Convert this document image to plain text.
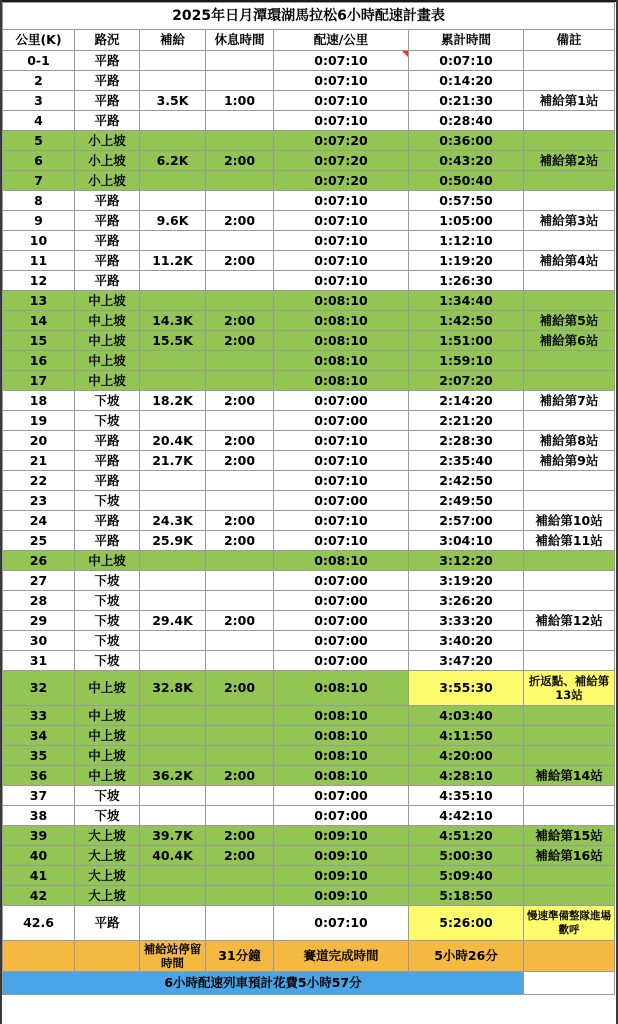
2025年日月潭環湖馬拉松6小時配速計畫表						
公里(K)	路況	補給	休息時間	配速/公里	累計時間	備註
0-1	平路			0:07:10	0:07:10	
2	平路			0:07:10	0:14:20	
3	平路	3.5K	1:00	0:07:10	0:21:30	補給第1站
4	平路			0:07:10	0:28:40	
5	小上坡			0:07:20	0:36:00	
6	小上坡	6.2K	2:00	0:07:20	0:43:20	補給第2站
7	小上坡			0:07:20	0:50:40	
8	平路			0:07:10	0:57:50	
9	平路	9.6K	2:00	0:07:10	1:05:00	補給第3站
10	平路			0:07:10	1:12:10	
11	平路	11.2K	2:00	0:07:10	1:19:20	補給第4站
12	平路			0:07:10	1:26:30	
13	中上坡			0:08:10	1:34:40	
14	中上坡	14.3K	2:00	0:08:10	1:42:50	補給第5站
15	中上坡	15.5K	2:00	0:08:10	1:51:00	補給第6站
16	中上坡			0:08:10	1:59:10	
17	中上坡			0:08:10	2:07:20	
18	下坡	18.2K	2:00	0:07:00	2:14:20	補給第7站
19	下坡			0:07:00	2:21:20	
20	平路	20.4K	2:00	0:07:10	2:28:30	補給第8站
21	平路	21.7K	2:00	0:07:10	2:35:40	補給第9站
22	平路			0:07:10	2:42:50	
23	下坡			0:07:00	2:49:50	
24	平路	24.3K	2:00	0:07:10	2:57:00	補給第10站
25	平路	25.9K	2:00	0:07:10	3:04:10	補給第11站
26	中上坡			0:08:10	3:12:20	
27	下坡			0:07:00	3:19:20	
28	下坡			0:07:00	3:26:20	
29	下坡	29.4K	2:00	0:07:00	3:33:20	補給第12站
30	下坡			0:07:00	3:40:20	
31	下坡			0:07:00	3:47:20	
32	中上坡	32.8K	2:00	0:08:10	3:55:30	折返點、補給第13站
33	中上坡			0:08:10	4:03:40	
34	中上坡			0:08:10	4:11:50	
35	中上坡			0:08:10	4:20:00	
36	中上坡	36.2K	2:00	0:08:10	4:28:10	補給第14站
37	下坡			0:07:00	4:35:10	
38	下坡			0:07:00	4:42:10	
39	大上坡	39.7K	2:00	0:09:10	4:51:20	補給第15站
40	大上坡	40.4K	2:00	0:09:10	5:00:30	補給第16站
41	大上坡			0:09:10	5:09:40	
42	大上坡			0:09:10	5:18:50	
42.6	平路			0:07:10	5:26:00	慢速準備整隊進場歡呼
		補給站停留時間	31分鐘	賽道完成時間	5小時26分	
6小時配速列車預計花費5小時57分						
